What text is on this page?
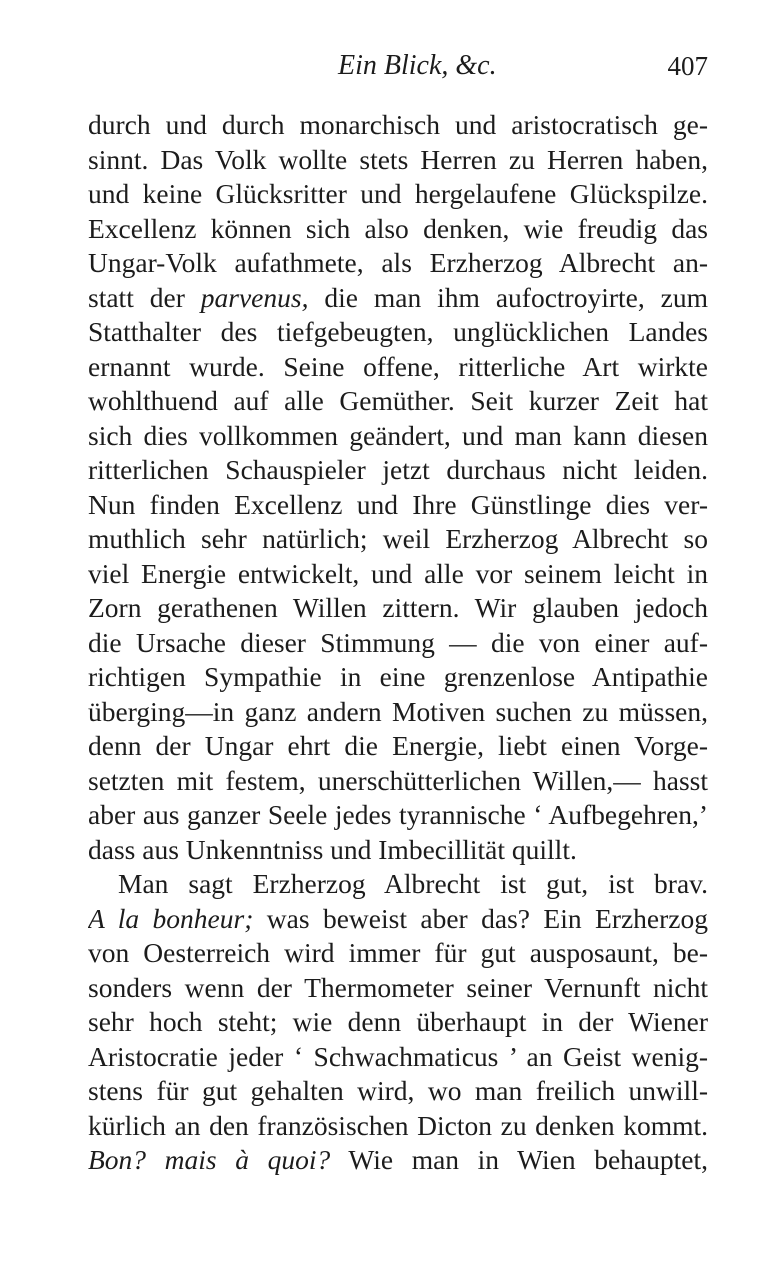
Ein Blick, &c.	407
durch und durch monarchisch und aristocratisch ge-
sinnt. Das Volk wollte stets Herren zu Herren haben,
und keine Glücksritter und hergelaufene Glückspilze.
Excellenz können sich also denken, wie freudig das
Ungar-Volk aufathmete, als Erzherzog Albrecht an-
statt der parvenus, die man ihm aufoctroyirte, zum
Statthalter des tiefgebeugten, unglücklichen Landes
ernannt wurde. Seine offene, ritterliche Art wirkte
wohlthuend auf alle Gemüther. Seit kurzer Zeit hat
sich dies vollkommen geändert, und man kann diesen
ritterlichen Schauspieler jetzt durchaus nicht leiden.
Nun finden Excellenz und Ihre Günstlinge dies ver-
muthlich sehr natürlich; weil Erzherzog Albrecht so
viel Energie entwickelt, und alle vor seinem leicht in
Zorn gerathenen Willen zittern. Wir glauben jedoch
die Ursache dieser Stimmung — die von einer auf-
richtigen Sympathie in eine grenzenlose Antipathie
überging—in ganz andern Motiven suchen zu müssen,
denn der Ungar ehrt die Energie, liebt einen Vorge-
setzten mit festem, unerschütterlichen Willen,— hasst
aber aus ganzer Seele jedes tyrannische ‘ Aufbegehren,’
dass aus Unkenntniss und Imbecillität quillt.
Man sagt Erzherzog Albrecht ist gut, ist brav.
A la bonheur; was beweist aber das? Ein Erzherzog
von Oesterreich wird immer für gut ausposaunt, be-
sonders wenn der Thermometer seiner Vernunft nicht
sehr hoch steht; wie denn überhaupt in der Wiener
Aristocratie jeder ‘ Schwachmaticus ’ an Geist wenig-
stens für gut gehalten wird, wo man freilich unwill-
kürlich an den französischen Dicton zu denken kommt.
Bon? mais à quoi? Wie man in Wien behauptet,
